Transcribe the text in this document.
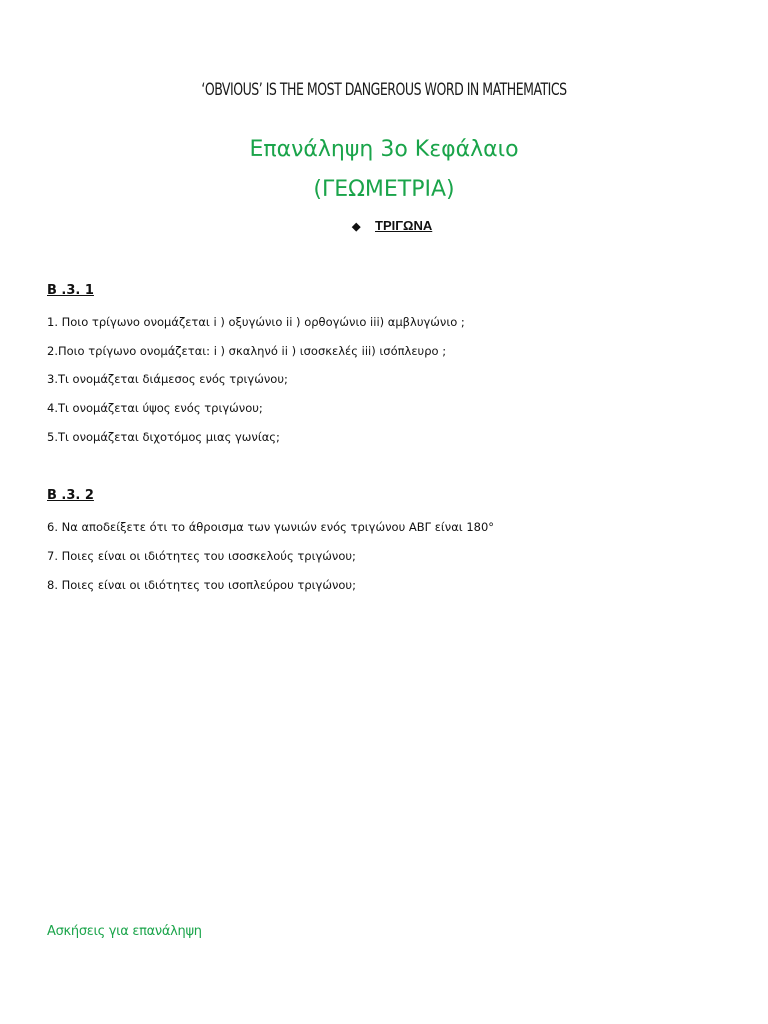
‘OBVIOUS’ IS THE MOST DANGEROUS WORD IN MATHEMATICS
Επανάληψη 3ο Κεφάλαιο
(ΓΕΩΜΕΤΡΙΑ)
◆ ΤΡΙΓΩΝΑ
Β .3. 1
1. Ποιο τρίγωνο ονομάζεται i ) οξυγώνιο ii ) ορθογώνιο iii) αμβλυγώνιο ;
2.Ποιο τρίγωνο ονομάζεται: i ) σκαληνό ii ) ισοσκελές iii) ισόπλευρο ;
3.Τι ονομάζεται διάμεσος ενός τριγώνου;
4.Τι ονομάζεται ύψος ενός τριγώνου;
5.Τι ονομάζεται διχοτόμος μιας γωνίας;
Β .3. 2
6. Να αποδείξετε ότι το άθροισμα των γωνιών ενός τριγώνου ΑΒΓ είναι 180°
7. Ποιες είναι οι ιδιότητες του ισοσκελούς τριγώνου;
8. Ποιες είναι οι ιδιότητες του ισοπλεύρου τριγώνου;
Ασκήσεις για επανάληψη
